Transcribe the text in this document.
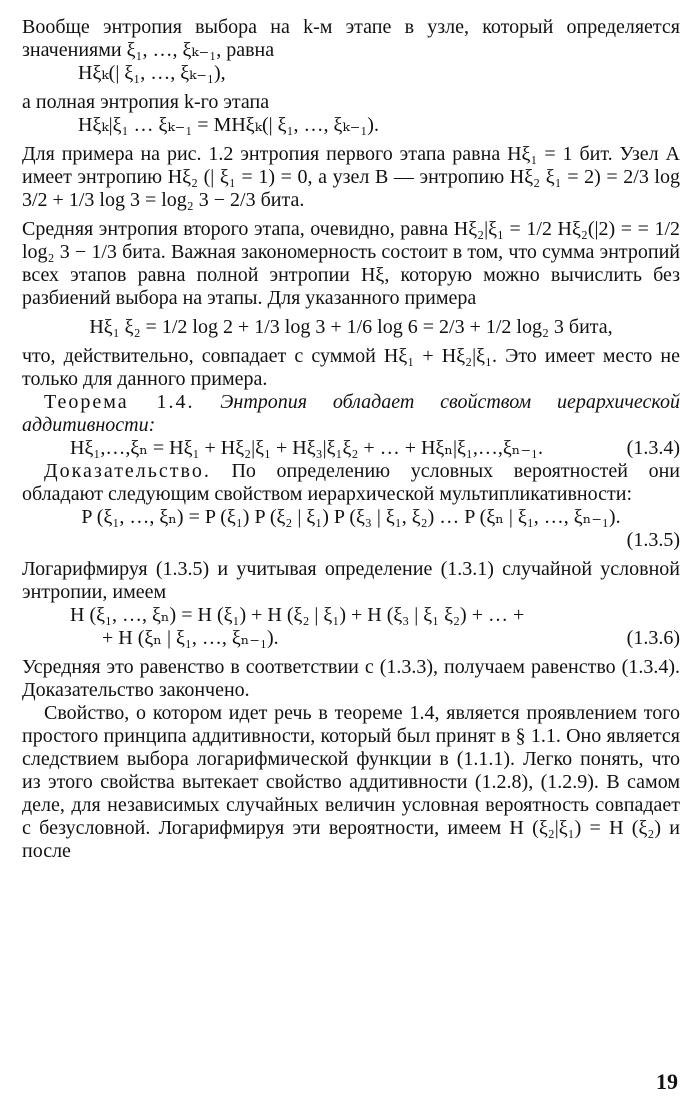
Вообще энтропия выбора на k-м этапе в узле, который определяется значениями ξ₁, …, ξₖ₋₁, равна

Hξₖ(| ξ₁, …, ξₖ₋₁),

а полная энтропия k-го этапа

Hξₖ|ξ₁ … ξₖ₋₁ = MHξₖ(| ξ₁, …, ξₖ₋₁).

Для примера на рис. 1.2 энтропия первого этапа равна Hξ₁ = 1 бит. Узел A имеет энтропию Hξ₂ (| ξ₁ = 1) = 0, а узел B — энтропию Hξ₂ ξ₁ = 2) = 2/3 log 3/2 + 1/3 log 3 = log₂ 3 − 2/3 бита.

Средняя энтропия второго этапа, очевидно, равна Hξ₂|ξ₁ = 1/2 Hξ₂(|2) = = 1/2 log₂ 3 − 1/3 бита. Важная закономерность состоит в том, что сумма энтропий всех этапов равна полной энтропии Hξ, которую можно вычислить без разбиений выбора на этапы. Для указанного примера

Hξ₁ ξ₂ = 1/2 log 2 + 1/3 log 3 + 1/6 log 6 = 2/3 + 1/2 log₂ 3 бита,

что, действительно, совпадает с суммой Hξ₁ + Hξ₂|ξ₁. Это имеет место не только для данного примера.

Теорема 1.4. Энтропия обладает свойством иерархической аддитивности:

Hξ₁,…,ξₙ = Hξ₁ + Hξ₂|ξ₁ + Hξ₃|ξ₁ξ₂ + … + Hξₙ|ξ₁,…,ξₙ₋₁.	(1.3.4)

Доказательство. По определению условных вероятностей они обладают следующим свойством иерархической мультипликативности:

P (ξ₁, …, ξₙ) = P (ξ₁) P (ξ₂ | ξ₁) P (ξ₃ | ξ₁, ξ₂) … P (ξₙ | ξ₁, …, ξₙ₋₁).

(1.3.5)

Логарифмируя (1.3.5) и учитывая определение (1.3.1) случайной условной энтропии, имеем

H (ξ₁, …, ξₙ) = H (ξ₁) + H (ξ₂ | ξ₁) + H (ξ₃ | ξ₁ ξ₂) + … +

+ H (ξₙ | ξ₁, …, ξₙ₋₁).	(1.3.6)

Усредняя это равенство в соответствии с (1.3.3), получаем равенство (1.3.4). Доказательство закончено.

Свойство, о котором идет речь в теореме 1.4, является проявлением того простого принципа аддитивности, который был принят в § 1.1. Оно является следствием выбора логарифмической функции в (1.1.1). Легко понять, что из этого свойства вытекает свойство аддитивности (1.2.8), (1.2.9). В самом деле, для независимых случайных величин условная вероятность совпадает с безусловной. Логарифмируя эти вероятности, имеем H (ξ₂|ξ₁) = H (ξ₂) и после

19
